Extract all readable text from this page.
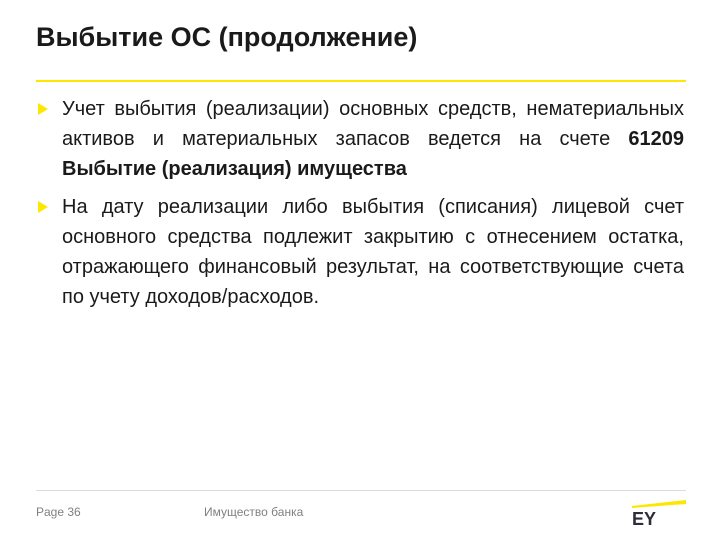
Выбытие ОС (продолжение)
Учет выбытия (реализации) основных средств, нематериальных активов и материальных запасов ведется на счете 61209 Выбытие (реализация) имущества
На дату реализации либо выбытия (списания) лицевой счет основного средства подлежит закрытию с отнесением остатка, отражающего финансовый результат, на соответствующие счета по учету доходов/расходов.
Page 36	Имущество банка	EY
